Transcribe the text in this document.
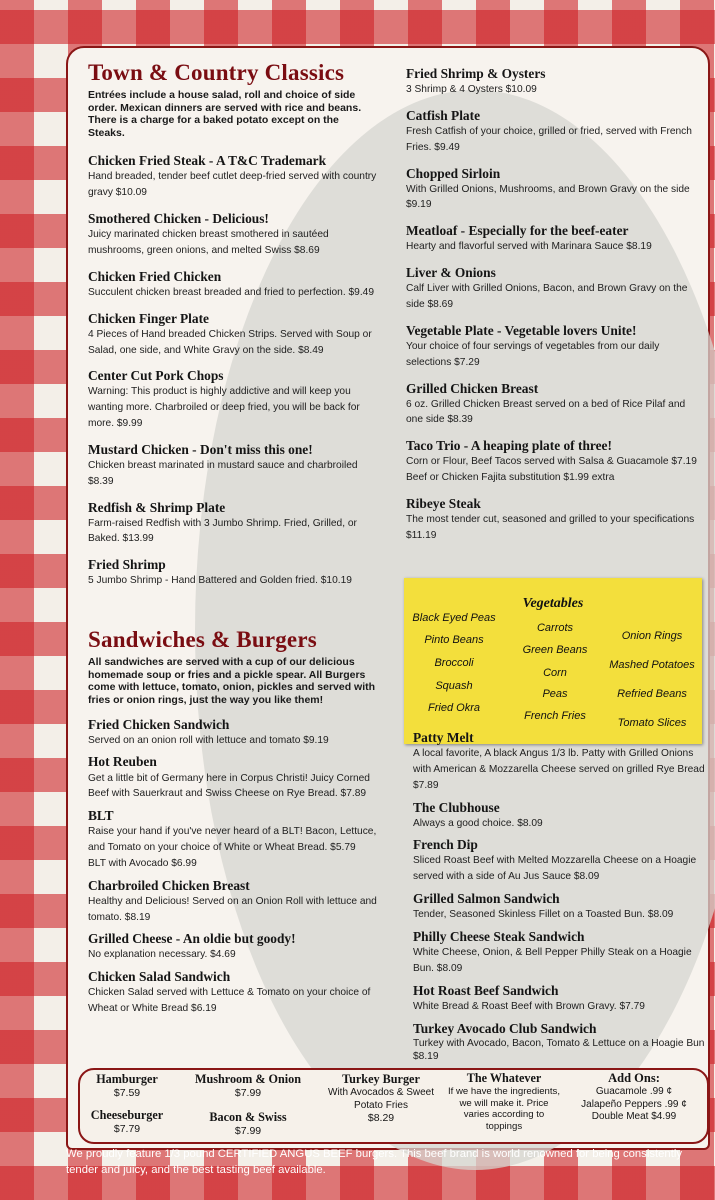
Town & Country Classics
Entrées include a house salad, roll and choice of side order. Mexican dinners are served with rice and beans. There is a charge for a baked potato except on the Steaks.
Chicken Fried Steak - A T&C Trademark
Hand breaded, tender beef cutlet deep-fried served with country gravy $10.09
Smothered Chicken - Delicious!
Juicy marinated chicken breast smothered in sautéed mushrooms, green onions, and melted Swiss $8.69
Chicken Fried Chicken
Succulent chicken breast breaded and fried to perfection. $9.49
Chicken Finger Plate
4 Pieces of Hand breaded Chicken Strips. Served with Soup or Salad, one side, and White Gravy on the side. $8.49
Center Cut Pork Chops
Warning: This product is highly addictive and will keep you wanting more. Charbroiled or deep fried, you will be back for more. $9.99
Mustard Chicken - Don't miss this one!
Chicken breast marinated in mustard sauce and charbroiled $8.39
Redfish & Shrimp Plate
Farm-raised Redfish with 3 Jumbo Shrimp. Fried, Grilled, or Baked. $13.99
Fried Shrimp
5 Jumbo Shrimp - Hand Battered and Golden fried. $10.19
Sandwiches & Burgers
All sandwiches are served with a cup of our delicious homemade soup or fries and a pickle spear. All Burgers come with lettuce, tomato, onion, pickles and served with fries or onion rings, just the way you like them!
Fried Chicken Sandwich
Served on an onion roll with lettuce and tomato $9.19
Hot Reuben
Get a little bit of Germany here in Corpus Christi! Juicy Corned Beef with Sauerkraut and Swiss Cheese on Rye Bread. $7.89
BLT
Raise your hand if you've never heard of a BLT! Bacon, Lettuce, and Tomato on your choice of White or Wheat Bread. $5.79
BLT with Avocado $6.99
Charbroiled Chicken Breast
Healthy and Delicious! Served on an Onion Roll with lettuce and tomato. $8.19
Grilled Cheese - An oldie but goody!
No explanation necessary. $4.69
Chicken Salad Sandwich
Chicken Salad served with Lettuce & Tomato on your choice of Wheat or White Bread $6.19
Fried Shrimp & Oysters
3 Shrimp & 4 Oysters $10.09
Catfish Plate
Fresh Catfish of your choice, grilled or fried, served with French Fries. $9.49
Chopped Sirloin
With Grilled Onions, Mushrooms, and Brown Gravy on the side $9.19
Meatloaf - Especially for the beef-eater
Hearty and flavorful served with Marinara Sauce $8.19
Liver & Onions
Calf Liver with Grilled Onions, Bacon, and Brown Gravy on the side $8.69
Vegetable Plate - Vegetable lovers Unite!
Your choice of four servings of vegetables from our daily selections $7.29
Grilled Chicken Breast
6 oz. Grilled Chicken Breast served on a bed of Rice Pilaf and one side $8.39
Taco Trio - A heaping plate of three!
Corn or Flour, Beef Tacos served with Salsa & Guacamole $7.19
Beef or Chicken Fajita substitution $1.99 extra
Ribeye Steak
The most tender cut, seasoned and grilled to your specifications $11.19
Vegetables
Black Eyed Peas
Pinto Beans
Broccoli
Squash
Fried Okra
Carrots
Green Beans
Corn
Peas
French Fries
Onion Rings
Mashed Potatoes
Refried Beans
Tomato Slices
Patty Melt
A local favorite, A black Angus 1/3 lb. Patty with Grilled Onions with American & Mozzarella Cheese served on grilled Rye Bread $7.89
The Clubhouse
Always a good choice. $8.09
French Dip
Sliced Roast Beef with Melted Mozzarella Cheese on a Hoagie served with a side of Au Jus Sauce $8.09
Grilled Salmon Sandwich
Tender, Seasoned Skinless Fillet on a Toasted Bun. $8.09
Philly Cheese Steak Sandwich
White Cheese, Onion, & Bell Pepper Philly Steak on a Hoagie Bun. $8.09
Hot Roast Beef Sandwich
White Bread & Roast Beef with Brown Gravy. $7.79
Turkey Avocado Club Sandwich
Turkey with Avocado, Bacon, Tomato & Lettuce on a Hoagie Bun $8.19
Hamburger
$7.59
Cheeseburger
$7.79
Mushroom & Onion
$7.99
Bacon & Swiss
$7.99
Turkey Burger
With Avocados & Sweet Potato Fries
$8.29
The Whatever
If we have the ingredients, we will make it. Price varies according to toppings
Add Ons:
Guacamole .99 ¢
Jalapeño Peppers .99 ¢
Double Meat $4.99
We proudly feature 1/3 pound CERTIFIED ANGUS BEEF burgers. This beef brand is world renowned for being consistently tender and juicy, and the best tasting beef available.
